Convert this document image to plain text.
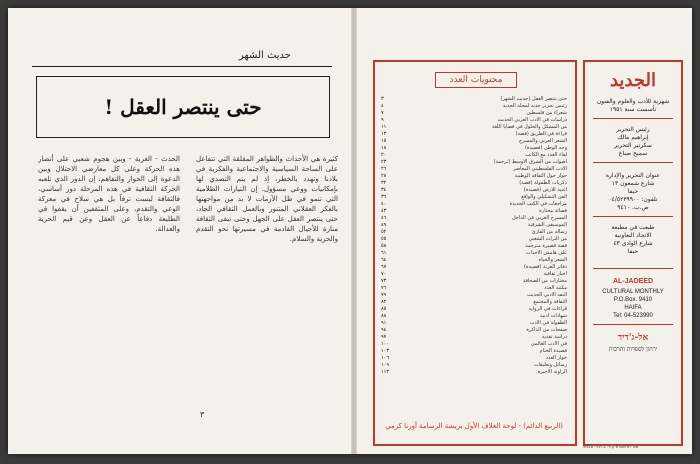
حديث الشهر
حتى ينتصر العقل !
كثيرة هي الأحداث والظواهر المقلقة التي تتفاعل على الساحة السياسية والاجتماعية والفكرية في بلادنا وتهدد بالخطر، إذ لم يتم التصدي لها بإمكانيات ووعي مسؤول. إن التيارات الظلامية التي تنمو في ظل الأزمات لا بد من مواجهتها بالفكر العقلاني المتنور وبالعمل الثقافي الجاد، حتى ينتصر العقل على الجهل وحتى تبقى الثقافة منارة للأجيال القادمة في مسيرتها نحو التقدم والحرية والسلام.
الحدث - الغربة - وبين هجوم شعبي على أنصار هذه الحركة وعلى كل معارضي الاحتلال وبين الدعوة إلى الحوار والتفاهم. إن الدور الذي تلعبه الحركة الثقافية في هذه المرحلة دور أساسي، فالثقافة ليست ترفاً بل هي سلاح في معركة الوعي والتقدم، وعلى المثقفين أن يقفوا في الطليعة دفاعاً عن العقل وعن قيم الحرية والعدالة.
٣
محتويات العدد
حتى ينتصر العقل (حديث الشهر)
٣
رئيس تحرير جديد لمجلة الجديد
٤
شعراء من فلسطين
٧
دراسات في الأدب العربي الحديث
٩
من المشكل والحلول في قضايا اللغة
١١
قراءة في الطريق (قصة)
١٣
الشعر العربي والمسرح
١٥
وجه الوطن (قصيدة)
١٨
لقاء العدد مع الكاتب
٢٠
أصوات من الشرق الأوسط (ترجمة)
٢٣
الأدب الفلسطيني المعاصر
٢٦
حوار حول الثقافة الوطنية
٢٨
ذكريات الطفولة (قصة)
٣٢
أغنية للأرض (قصيدة)
٣٤
الفن التشكيلي والواقع
٣٦
مراجعات في الكتب الجديدة
٤٠
قصائد مختارة
٤٣
المسرح العربي في الداخل
٤٦
الموسيقى الشرقية
٤٩
رسالة من القارئ
٥٢
من التراث الشعبي
٥٥
قصة قصيرة مترجمة
٥٨
على هامش الأحداث
٦١
الشعر والحياة
٦٤
دفاتر الغربة (قصيدة)
٦٧
أخبار ثقافية
٧٠
مختارات من الصحافة
٧٣
مكتبة العدد
٧٦
النقد الأدبي الحديث
٧٩
الثقافة والمجتمع
٨٢
قراءات في الرواية
٨٥
شهادات أدبية
٨٨
الطفولة في الأدب
٩١
صفحات من الذاكرة
٩٤
دراسة نقدية
٩٧
في الأدب العالمي
١٠٠
قصيدة الختام
١٠٣
حوار العدد
١٠٦
رسائل وتعليقات
١٠٩
الزاوية الأخيرة
١١٢
(الربيع الدائم) - لوحة الغلاف الأول بريشة الرسامة أورنا كرمي
الجديد
شهرية للأدب والعلوم والفنون
تأسست سنة ١٩٥١
رئيس التحرير
إبراهيم مالك
سكرتير التحرير
سميح صباغ
عنوان التحرير والإدارة
شارع شمعون ١٣
حيفا
تلفون: ٠٤/٥٢٣٩٩٠٠
ص.ب. ٩٤١٠
طبعت في مطبعة
الاتحاد التعاونية
شارع الوادي ٤٣
حيفا
AL-JADEED
CULTURAL MONTHLY
P.O.Box. 9410
HAIFA
Tel: 04-523990
אל-ג'דיד
ירחון לספרות ותרבות
מס' תרשום 8 ע.ר. 5 ת.ד. 9410
